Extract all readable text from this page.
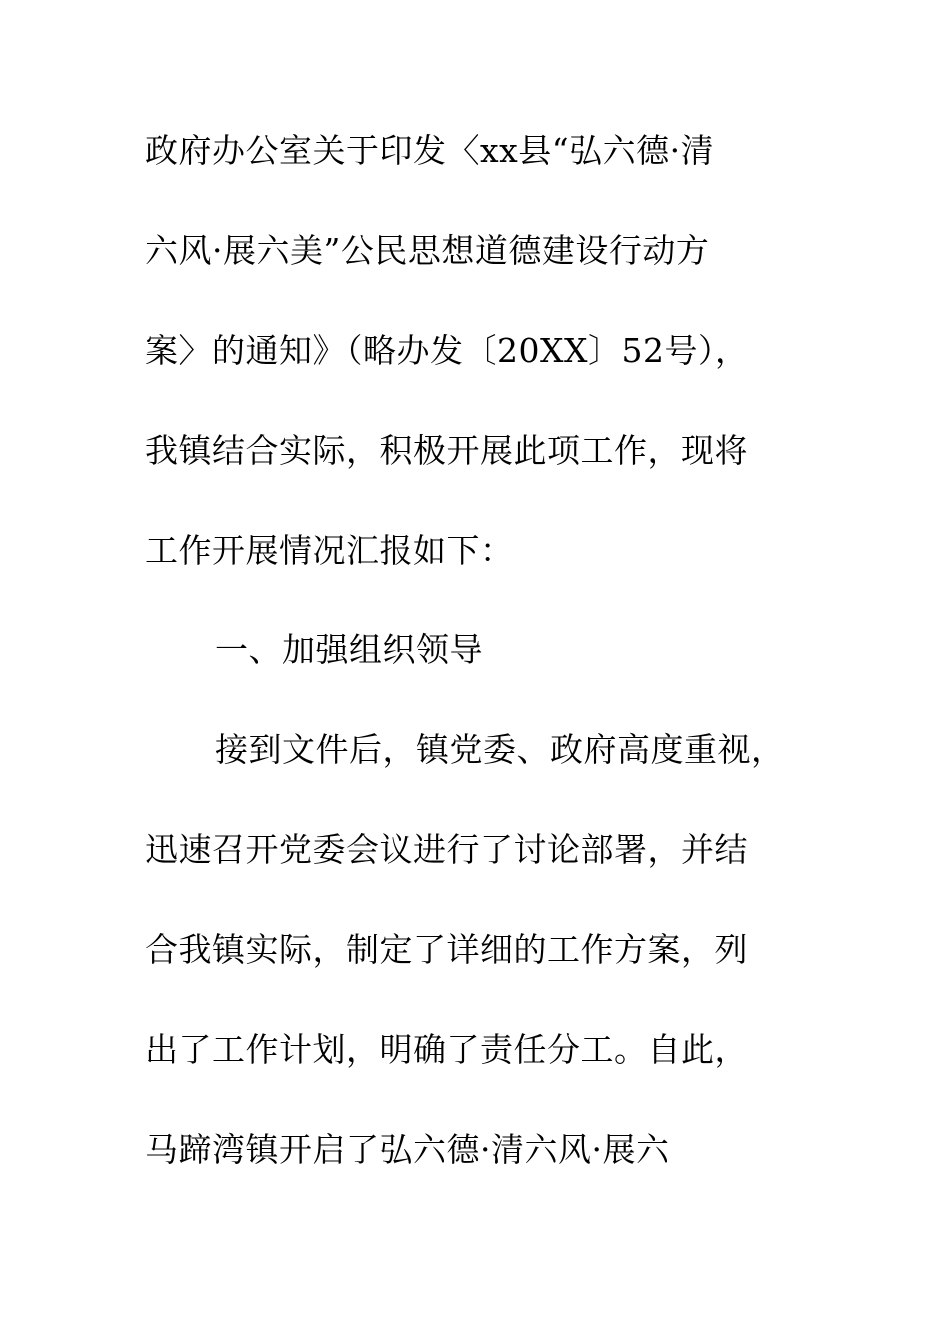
政府办公室关于印发〈xx县“弘六德·清
六风·展六美”公民思想道德建设行动方
案〉的通知》（略办发〔20XX〕52号），
我镇结合实际，积极开展此项工作，现将
工作开展情况汇报如下：
一、加强组织领导
接到文件后，镇党委、政府高度重视，
迅速召开党委会议进行了讨论部署，并结
合我镇实际，制定了详细的工作方案，列
出了工作计划，明确了责任分工。自此，
马蹄湾镇开启了弘六德·清六风·展六
